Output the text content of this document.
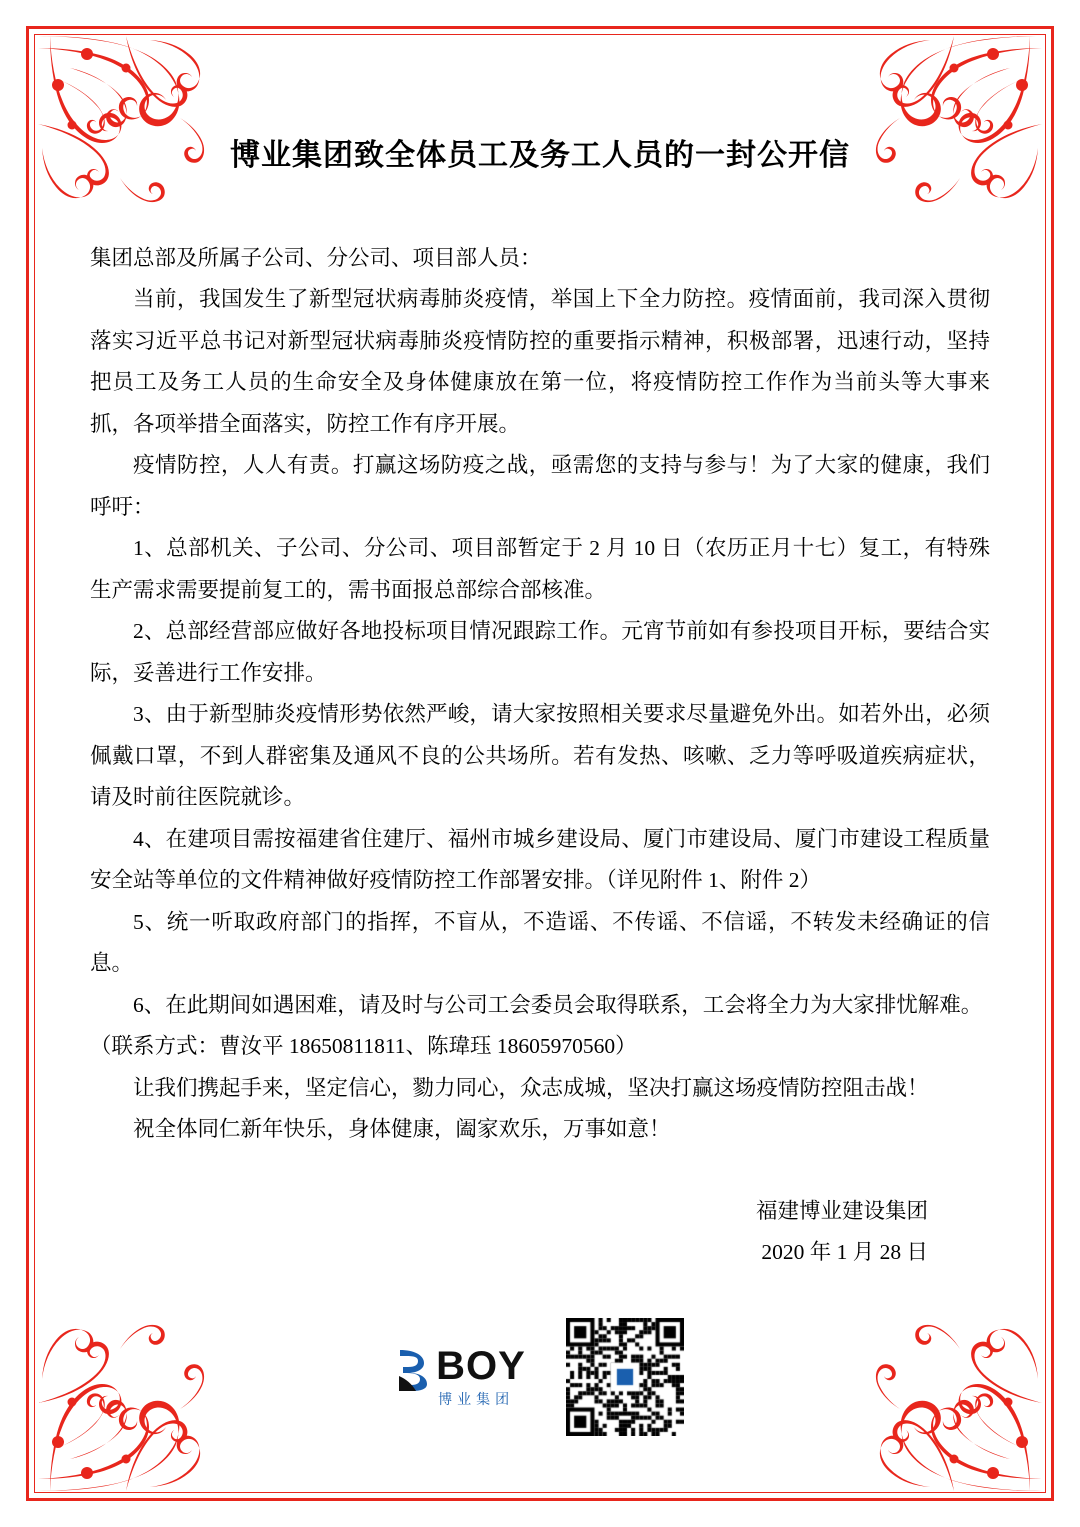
博业集团致全体员工及务工人员的一封公开信

集团总部及所属子公司、分公司、项目部人员：

当前，我国发生了新型冠状病毒肺炎疫情，举国上下全力防控。疫情面前，我司深入贯彻落实习近平总书记对新型冠状病毒肺炎疫情防控的重要指示精神，积极部署，迅速行动，坚持把员工及务工人员的生命安全及身体健康放在第一位，将疫情防控工作作为当前头等大事来抓，各项举措全面落实，防控工作有序开展。

疫情防控，人人有责。打赢这场防疫之战，亟需您的支持与参与！为了大家的健康，我们呼吁：

1、总部机关、子公司、分公司、项目部暂定于 2 月 10 日（农历正月十七）复工，有特殊生产需求需要提前复工的，需书面报总部综合部核准。

2、总部经营部应做好各地投标项目情况跟踪工作。元宵节前如有参投项目开标，要结合实际，妥善进行工作安排。

3、由于新型肺炎疫情形势依然严峻，请大家按照相关要求尽量避免外出。如若外出，必须佩戴口罩，不到人群密集及通风不良的公共场所。若有发热、咳嗽、乏力等呼吸道疾病症状，请及时前往医院就诊。

4、在建项目需按福建省住建厅、福州市城乡建设局、厦门市建设局、厦门市建设工程质量安全站等单位的文件精神做好疫情防控工作部署安排。（详见附件 1、附件 2）

5、统一听取政府部门的指挥，不盲从，不造谣、不传谣、不信谣，不转发未经确证的信息。

6、在此期间如遇困难，请及时与公司工会委员会取得联系，工会将全力为大家排忧解难。

（联系方式：曹汝平 18650811811、陈瑋珏 18605970560）

让我们携起手来，坚定信心，勠力同心，众志成城，坚决打赢这场疫情防控阻击战！

祝全体同仁新年快乐，身体健康，阖家欢乐，万事如意！

福建博业建设集团
2020 年 1 月 28 日
BOY
博业集团
